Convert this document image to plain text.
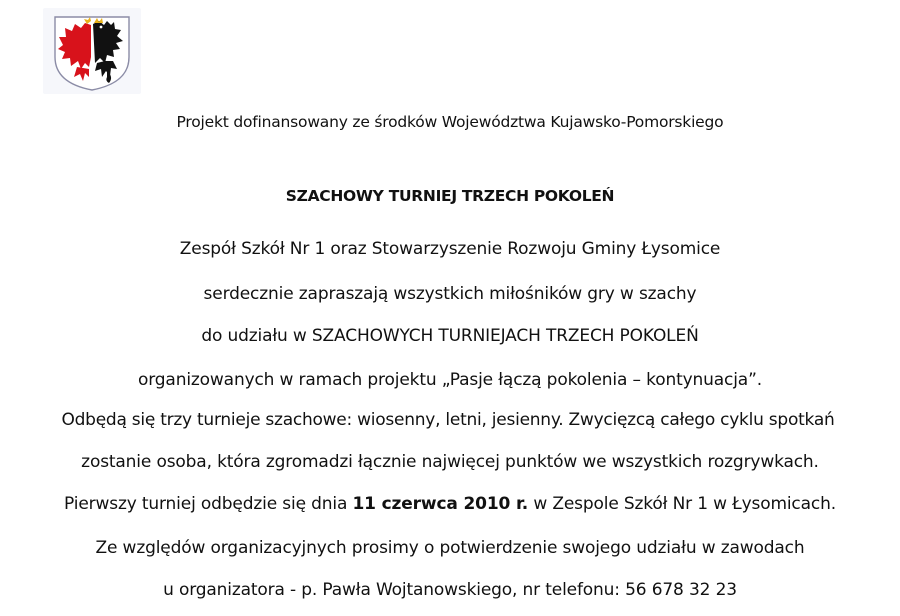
Projekt dofinansowany ze środków Województwa Kujawsko-Pomorskiego
SZACHOWY TURNIEJ TRZECH POKOLEŃ
Zespół Szkół Nr 1 oraz Stowarzyszenie Rozwoju Gminy Łysomice
serdecznie zapraszają wszystkich miłośników gry w szachy
do udziału w SZACHOWYCH TURNIEJACH TRZECH POKOLEŃ
organizowanych w ramach projektu „Pasje łączą pokolenia – kontynuacja”.
Odbędą się trzy turnieje szachowe: wiosenny, letni, jesienny. Zwycięzcą całego cyklu spotkań
zostanie osoba, która zgromadzi łącznie najwięcej punktów we wszystkich rozgrywkach.
Pierwszy turniej odbędzie się dnia 11 czerwca 2010 r. w Zespole Szkół Nr 1 w Łysomicach.
Ze względów organizacyjnych prosimy o potwierdzenie swojego udziału w zawodach
u organizatora - p. Pawła Wojtanowskiego, nr telefonu: 56 678 32 23
